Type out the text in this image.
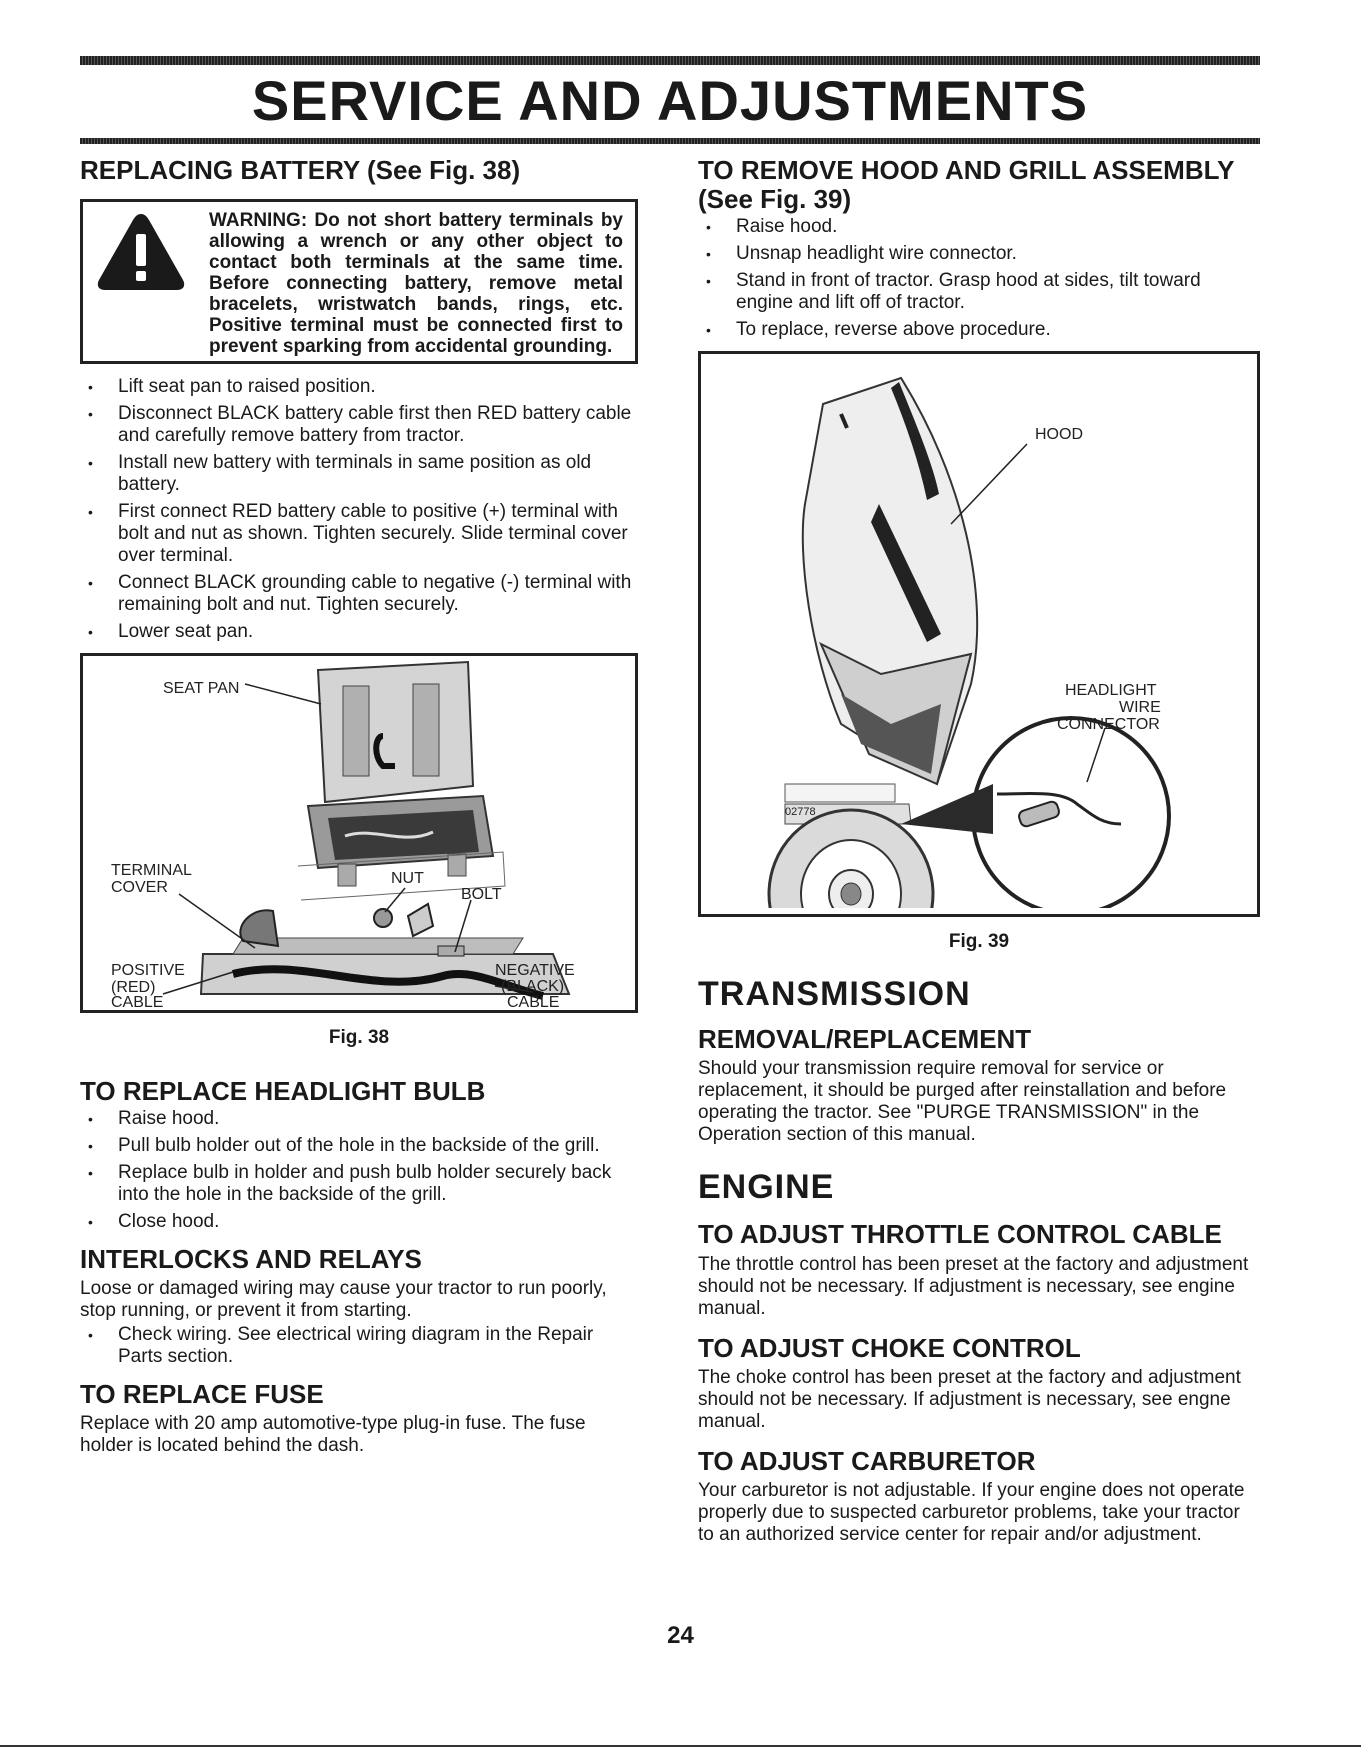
SERVICE AND ADJUSTMENTS
REPLACING BATTERY (See Fig. 38)
WARNING: Do not short battery terminals by allowing a wrench or any other object to contact both terminals at the same time. Before connecting battery, remove metal bracelets, wristwatch bands, rings, etc. Positive terminal must be connected first to prevent sparking from accidental grounding.
• Lift seat pan to raised position.
• Disconnect BLACK battery cable first then RED battery cable and carefully remove battery from tractor.
• Install new battery with terminals in same position as old battery.
• First connect RED battery cable to positive (+) terminal with bolt and nut as shown. Tighten securely. Slide terminal cover over terminal.
• Connect BLACK grounding cable to negative (-) terminal with remaining bolt and nut. Tighten securely.
• Lower seat pan.
SEAT PAN
TERMINAL
COVER
NUT
BOLT
POSITIVE
(RED)
CABLE
NEGATIVE
(BLACK)
CABLE
Fig. 38
TO REPLACE HEADLIGHT BULB
• Raise hood.
• Pull bulb holder out of the hole in the backside of the grill.
• Replace bulb in holder and push bulb holder securely back into the hole in the backside of the grill.
• Close hood.
INTERLOCKS AND RELAYS

Loose or damaged wiring may cause your tractor to run poorly, stop running, or prevent it from starting.

• Check wiring. See electrical wiring diagram in the Repair Parts section.
TO REPLACE FUSE

Replace with 20 amp automotive-type plug-in fuse. The fuse holder is located behind the dash.

TO REMOVE HOOD AND GRILL ASSEMBLY (See Fig. 39)
• Raise hood.
• Unsnap headlight wire connector.
• Stand in front of tractor. Grasp hood at sides, tilt toward engine and lift off of tractor.
• To replace, reverse above procedure.
HOOD
HEADLIGHT
WIRE
CONNECTOR
02778
Fig. 39
TRANSMISSION
REMOVAL/REPLACEMENT

Should your transmission require removal for service or replacement, it should be purged after reinstallation and before operating the tractor. See "PURGE TRANSMISSION" in the Operation section of this manual.

ENGINE
TO ADJUST THROTTLE CONTROL CABLE

The throttle control has been preset at the factory and adjustment should not be necessary. If adjustment is necessary, see engine manual.

TO ADJUST CHOKE CONTROL

The choke control has been preset at the factory and adjustment should not be necessary. If adjustment is necessary, see engne manual.

TO ADJUST CARBURETOR

Your carburetor is not adjustable. If your engine does not operate properly due to suspected carburetor problems, take your tractor to an authorized service center for repair and/or adjustment.

24
